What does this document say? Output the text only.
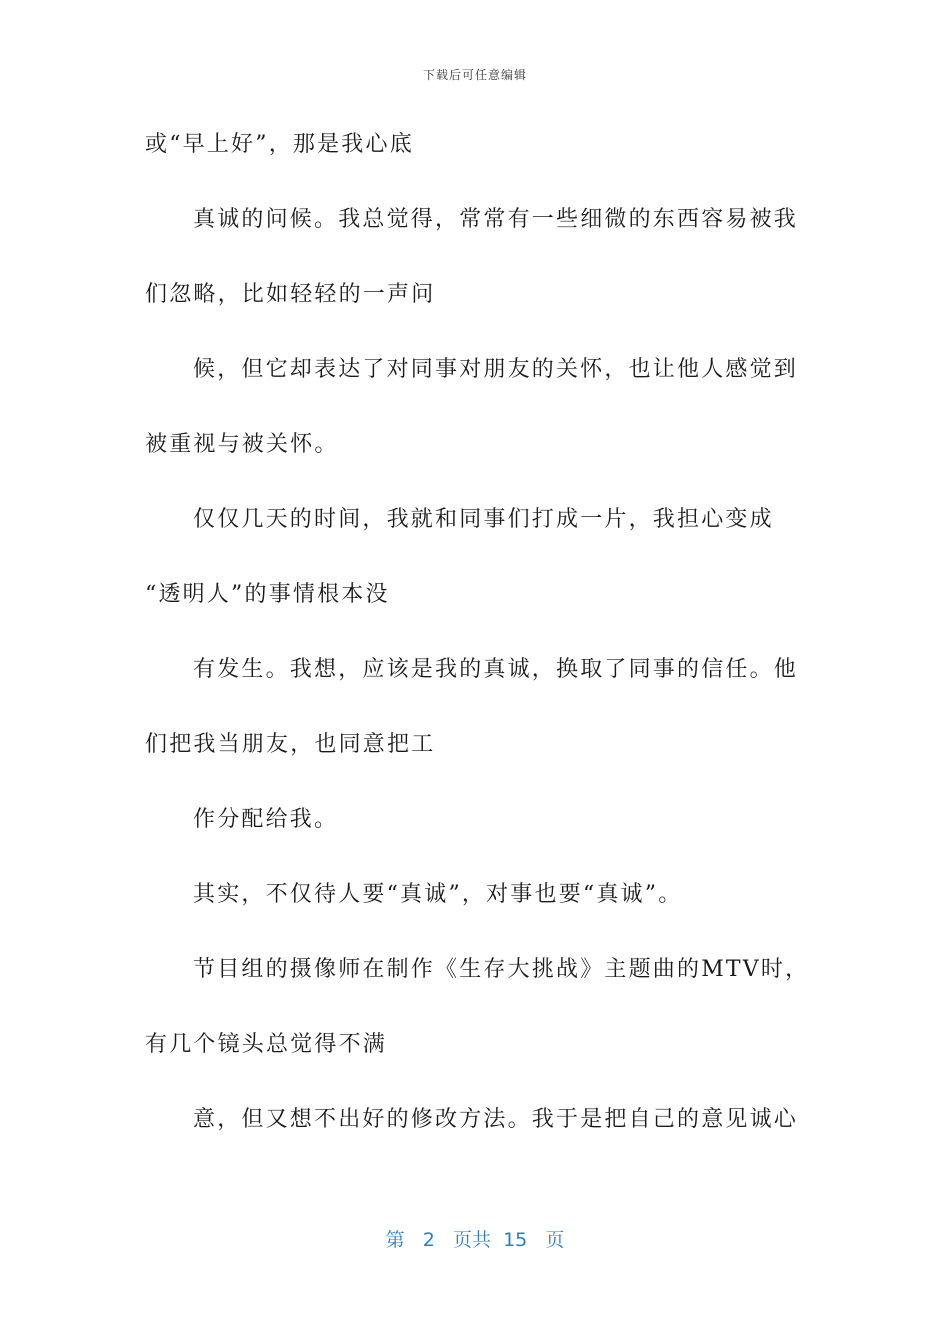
下载后可任意编辑
或“早上好”，那是我心底
真诚的问候。我总觉得，常常有一些细微的东西容易被我
们忽略，比如轻轻的一声问
候，但它却表达了对同事对朋友的关怀，也让他人感觉到
被重视与被关怀。
仅仅几天的时间，我就和同事们打成一片，我担心变成
“透明人”的事情根本没
有发生。我想，应该是我的真诚，换取了同事的信任。他
们把我当朋友，也同意把工
作分配给我。
其实，不仅待人要“真诚”，对事也要“真诚”。
节目组的摄像师在制作《生存大挑战》主题曲的MTV时，
有几个镜头总觉得不满
意，但又想不出好的修改方法。我于是把自己的意见诚心
第 2 页共 15 页
